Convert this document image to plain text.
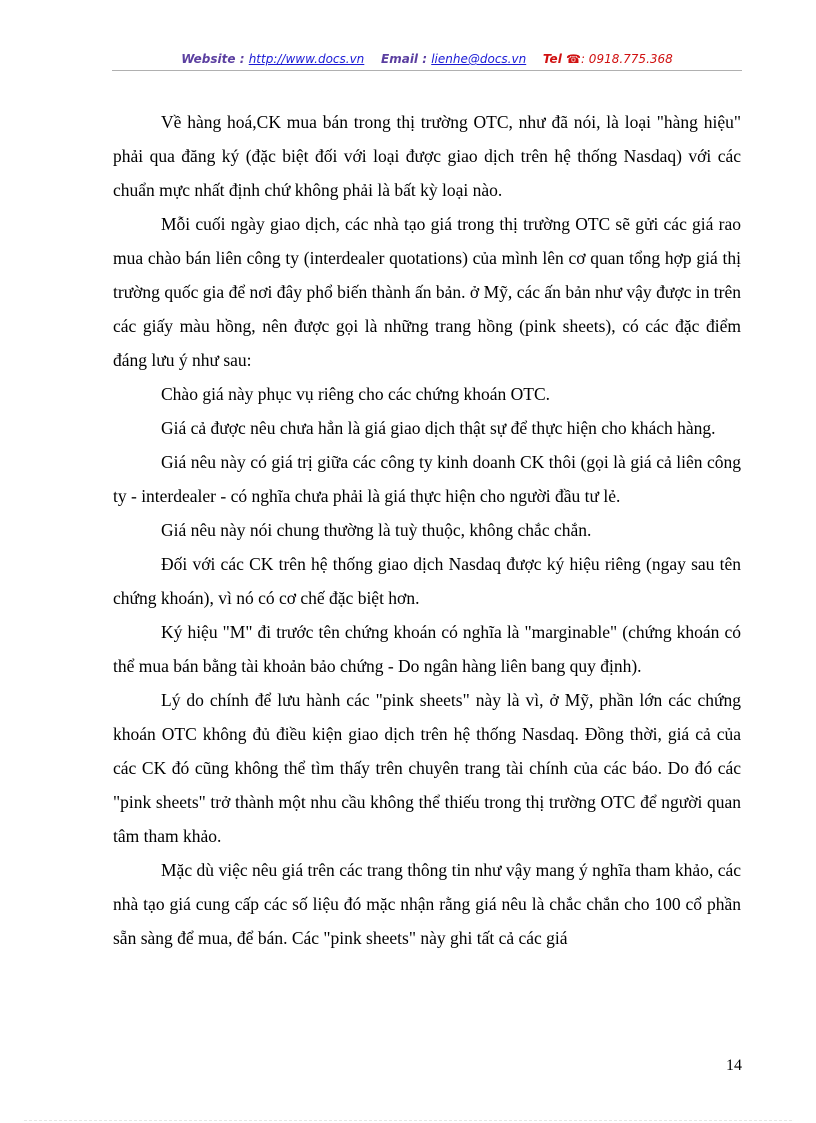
Website : http://www.docs.vn Email : lienhe@docs.vn Tel ☎: 0918.775.368

Về hàng hoá,CK mua bán trong thị trường OTC, như đã nói, là loại "hàng hiệu" phải qua đăng ký (đặc biệt đối với loại được giao dịch trên hệ thống Nasdaq) với các chuẩn mực nhất định chứ không phải là bất kỳ loại nào.

Mỗi cuối ngày giao dịch, các nhà tạo giá trong thị trường OTC sẽ gửi các giá rao mua chào bán liên công ty (interdealer quotations) của mình lên cơ quan tổng hợp giá thị trường quốc gia để nơi đây phổ biến thành ấn bản. ở Mỹ, các ấn bản như vậy được in trên các giấy màu hồng, nên được gọi là những trang hồng (pink sheets), có các đặc điểm đáng lưu ý như sau:

Chào giá này phục vụ riêng cho các chứng khoán OTC.

Giá cả được nêu chưa hẳn là giá giao dịch thật sự để thực hiện cho khách hàng.

Giá nêu này có giá trị giữa các công ty kinh doanh CK thôi (gọi là giá cả liên công ty - interdealer - có nghĩa chưa phải là giá thực hiện cho người đầu tư lẻ.

Giá nêu này nói chung thường là tuỳ thuộc, không chắc chắn.

Đối với các CK trên hệ thống giao dịch Nasdaq được ký hiệu riêng (ngay sau tên chứng khoán), vì nó có cơ chế đặc biệt hơn.

Ký hiệu "M" đi trước tên chứng khoán có nghĩa là "marginable" (chứng khoán có thể mua bán bằng tài khoản bảo chứng - Do ngân hàng liên bang quy định).

Lý do chính để lưu hành các "pink sheets" này là vì, ở Mỹ, phần lớn các chứng khoán OTC không đủ điều kiện giao dịch trên hệ thống Nasdaq. Đồng thời, giá cả của các CK đó cũng không thể tìm thấy trên chuyên trang tài chính của các báo. Do đó các "pink sheets" trở thành một nhu cầu không thể thiếu trong thị trường OTC để người quan tâm tham khảo.

Mặc dù việc nêu giá trên các trang thông tin như vậy mang ý nghĩa tham khảo, các nhà tạo giá cung cấp các số liệu đó mặc nhận rằng giá nêu là chắc chắn cho 100 cổ phần sẵn sàng để mua, để bán. Các "pink sheets" này ghi tất cả các giá

14
